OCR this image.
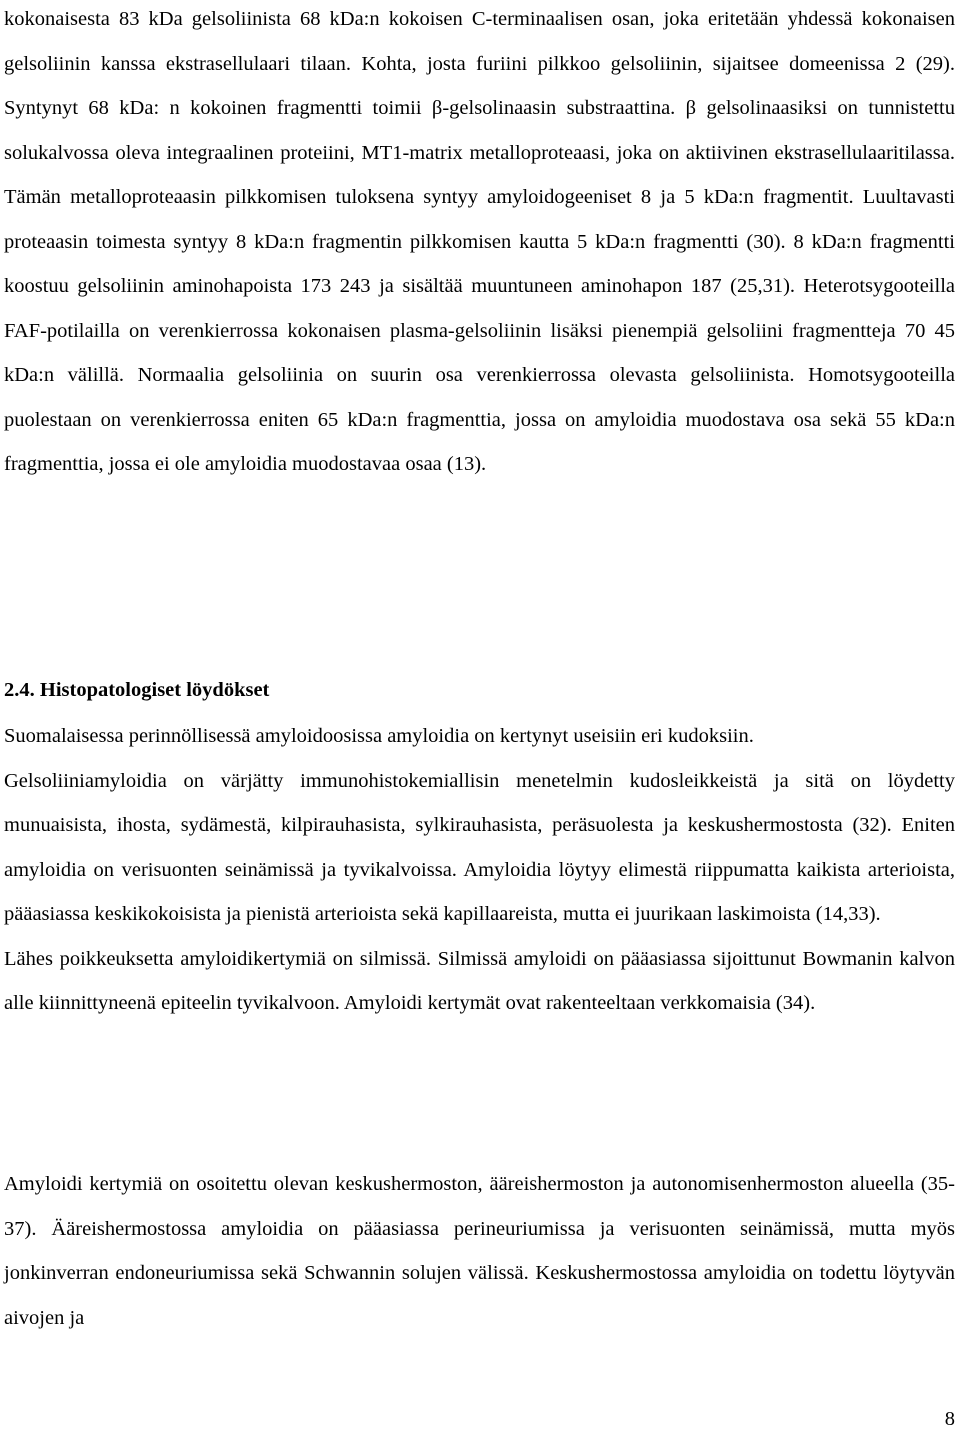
kokonaisesta 83 kDa gelsoliinista 68 kDa:n kokoisen C-terminaalisen osan, joka eritetään yhdessä kokonaisen gelsoliinin kanssa ekstrasellulaari tilaan. Kohta, josta furiini pilkkoo gelsoliinin, sijaitsee domeenissa 2 (29). Syntynyt 68 kDa: n kokoinen fragmentti toimii β-gelsolinaasin substraattina. β gelsolinaasiksi on tunnistettu solukalvossa oleva integraalinen proteiini, MT1-matrix metalloproteaasi, joka on aktiivinen ekstrasellulaaritilassa. Tämän metalloproteaasin pilkkomisen tuloksena syntyy amyloidogeeniset 8 ja 5 kDa:n fragmentit. Luultavasti proteaasin toimesta syntyy 8 kDa:n fragmentin pilkkomisen kautta 5 kDa:n fragmentti (30). 8 kDa:n fragmentti koostuu gelsoliinin aminohapoista 173 243 ja sisältää muuntuneen aminohapon 187 (25,31). Heterotsygooteilla FAF-potilailla on verenkierrossa kokonaisen plasma-gelsoliinin lisäksi pienempiä gelsoliini fragmentteja 70 45 kDa:n välillä. Normaalia gelsoliinia on suurin osa verenkierrossa olevasta gelsoliinista. Homotsygooteilla puolestaan on verenkierrossa eniten 65 kDa:n fragmenttia, jossa on amyloidia muodostava osa sekä 55 kDa:n fragmenttia, jossa ei ole amyloidia muodostavaa osaa (13).

2.4. Histopatologiset löydökset

Suomalaisessa perinnöllisessä amyloidoosissa amyloidia on kertynyt useisiin eri kudoksiin.

Gelsoliiniamyloidia on värjätty immunohistokemiallisin menetelmin kudosleikkeistä ja sitä on löydetty munuaisista, ihosta, sydämestä, kilpirauhasista, sylkirauhasista, peräsuolesta ja keskushermostosta (32). Eniten amyloidia on verisuonten seinämissä ja tyvikalvoissa. Amyloidia löytyy elimestä riippumatta kaikista arterioista, pääasiassa keskikokoisista ja pienistä arterioista sekä kapillaareista, mutta ei juurikaan laskimoista (14,33).

Lähes poikkeuksetta amyloidikertymiä on silmissä. Silmissä amyloidi on pääasiassa sijoittunut Bowmanin kalvon alle kiinnittyneenä epiteelin tyvikalvoon. Amyloidi kertymät ovat rakenteeltaan verkkomaisia (34).

Amyloidi kertymiä on osoitettu olevan keskushermoston, ääreishermoston ja autonomisenhermoston alueella (35-37). Ääreishermostossa amyloidia on pääasiassa perineuriumissa ja verisuonten seinämissä, mutta myös jonkinverran endoneuriumissa sekä Schwannin solujen välissä. Keskushermostossa amyloidia on todettu löytyvän aivojen ja

8
